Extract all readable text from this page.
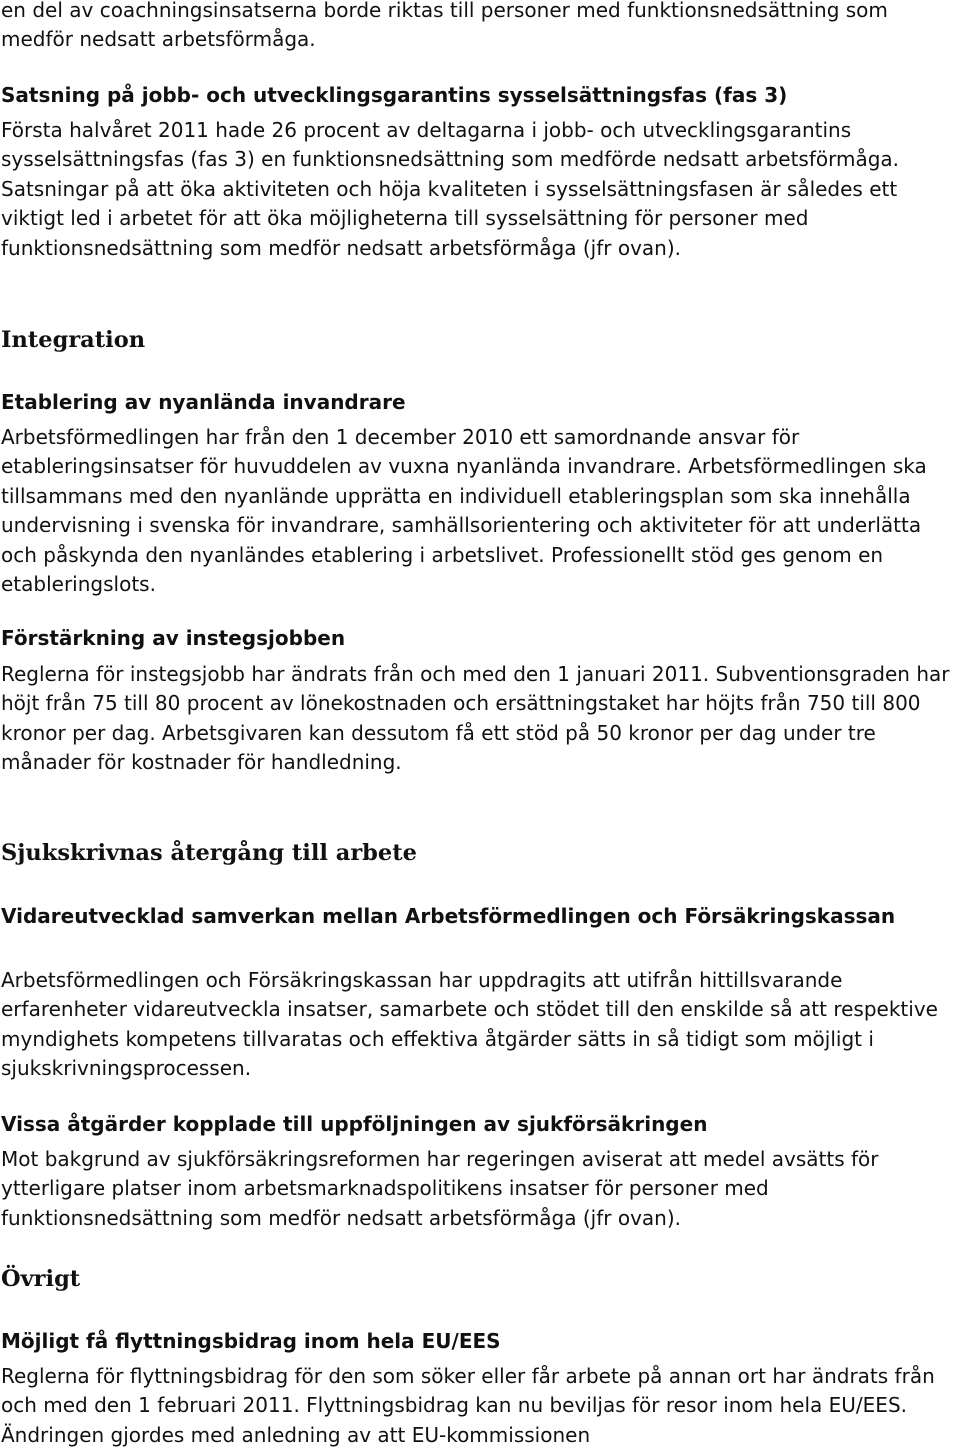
en del av coachningsinsatserna borde riktas till personer med funktionsnedsättning som medför nedsatt arbetsförmåga.

Satsning på jobb- och utvecklingsgarantins sysselsättningsfas (fas 3)

Första halvåret 2011 hade 26 procent av deltagarna i jobb- och utvecklingsgarantins sysselsättningsfas (fas 3) en funktionsnedsättning som medförde nedsatt arbetsförmåga. Satsningar på att öka aktiviteten och höja kvaliteten i sysselsättningsfasen är således ett viktigt led i arbetet för att öka möjligheterna till sysselsättning för personer med funktionsnedsättning som medför nedsatt arbetsförmåga (jfr ovan).

Integration
Etablering av nyanlända invandrare

Arbetsförmedlingen har från den 1 december 2010 ett samordnande ansvar för etableringsinsatser för huvuddelen av vuxna nyanlända invandrare. Arbetsförmedlingen ska tillsammans med den nyanlände upprätta en individuell etableringsplan som ska innehålla undervisning i svenska för invandrare, samhällsorientering och aktiviteter för att underlätta och påskynda den nyanländes etablering i arbetslivet. Professionellt stöd ges genom en etableringslots.

Förstärkning av instegsjobben

Reglerna för instegsjobb har ändrats från och med den 1 januari 2011. Subventionsgraden har höjt från 75 till 80 procent av lönekostnaden och ersättningstaket har höjts från 750 till 800 kronor per dag. Arbetsgivaren kan dessutom få ett stöd på 50 kronor per dag under tre månader för kostnader för handledning.

Sjukskrivnas återgång till arbete
Vidareutvecklad samverkan mellan Arbetsförmedlingen och Försäkringskassan

Arbetsförmedlingen och Försäkringskassan har uppdragits att utifrån hittillsvarande erfarenheter vidareutveckla insatser, samarbete och stödet till den enskilde så att respektive myndighets kompetens tillvaratas och effektiva åtgärder sätts in så tidigt som möjligt i sjukskrivningsprocessen.

Vissa åtgärder kopplade till uppföljningen av sjukförsäkringen

Mot bakgrund av sjukförsäkringsreformen har regeringen aviserat att medel avsätts för ytterligare platser inom arbetsmarknadspolitikens insatser för personer med funktionsnedsättning som medför nedsatt arbetsförmåga (jfr ovan).

Övrigt
Möjligt få flyttningsbidrag inom hela EU/EES

Reglerna för flyttningsbidrag för den som söker eller får arbete på annan ort har ändrats från och med den 1 februari 2011. Flyttningsbidrag kan nu beviljas för resor inom hela EU/EES. Ändringen gjordes med anledning av att EU-kommissionen
